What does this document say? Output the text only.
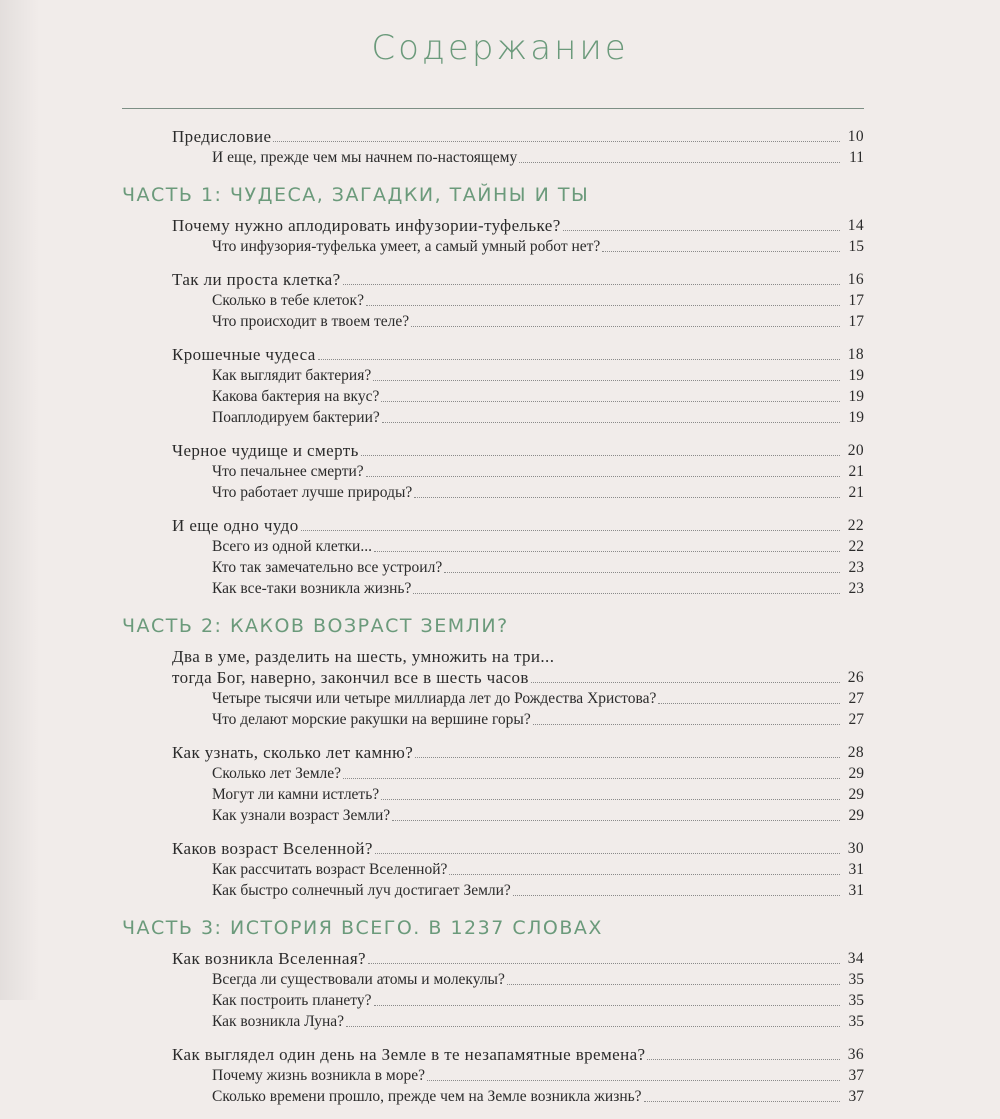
Содержание
Предисловие	10
И еще, прежде чем мы начнем по-настоящему	11
ЧАСТЬ 1: ЧУДЕСА, ЗАГАДКИ, ТАЙНЫ И ТЫ
Почему нужно аплодировать инфузории-туфельке?	14
Что инфузория-туфелька умеет, а самый умный робот нет?	15
Так ли проста клетка?	16
Сколько в тебе клеток?	17
Что происходит в твоем теле?	17
Крошечные чудеса	18
Как выглядит бактерия?	19
Какова бактерия на вкус?	19
Поаплодируем бактерии?	19
Черное чудище и смерть	20
Что печальнее смерти?	21
Что работает лучше природы?	21
И еще одно чудо	22
Всего из одной клетки...	22
Кто так замечательно все устроил?	23
Как все-таки возникла жизнь?	23
ЧАСТЬ 2: КАКОВ ВОЗРАСТ ЗЕМЛИ?
Два в уме, разделить на шесть, умножить на три...
тогда Бог, наверно, закончил все в шесть часов	26
Четыре тысячи или четыре миллиарда лет до Рождества Христова?	27
Что делают морские ракушки на вершине горы?	27
Как узнать, сколько лет камню?	28
Сколько лет Земле?	29
Могут ли камни истлеть?	29
Как узнали возраст Земли?	29
Каков возраст Вселенной?	30
Как рассчитать возраст Вселенной?	31
Как быстро солнечный луч достигает Земли?	31
ЧАСТЬ 3: ИСТОРИЯ ВСЕГО. В 1237 СЛОВАХ
Как возникла Вселенная?	34
Всегда ли существовали атомы и молекулы?	35
Как построить планету?	35
Как возникла Луна?	35
Как выглядел один день на Земле в те незапамятные времена?	36
Почему жизнь возникла в море?	37
Сколько времени прошло, прежде чем на Земле возникла жизнь?	37
